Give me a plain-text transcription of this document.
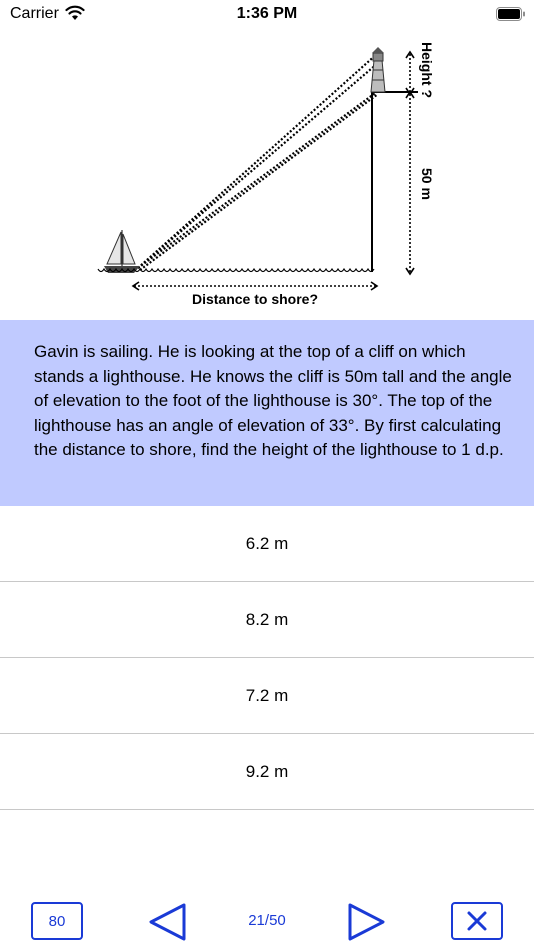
Carrier	1:36 PM
Height ?
50 m
Distance to shore?

Gavin is sailing. He is looking at the top of a cliff on which stands a lighthouse. He knows the cliff is 50m tall and the angle of elevation to the foot of the lighthouse is 30°. The top of the lighthouse has an angle of elevation of 33°. By first calculating the distance to shore, find the height of the lighthouse to 1 d.p.

6.2 m
8.2 m
7.2 m
9.2 m
80	21/50
